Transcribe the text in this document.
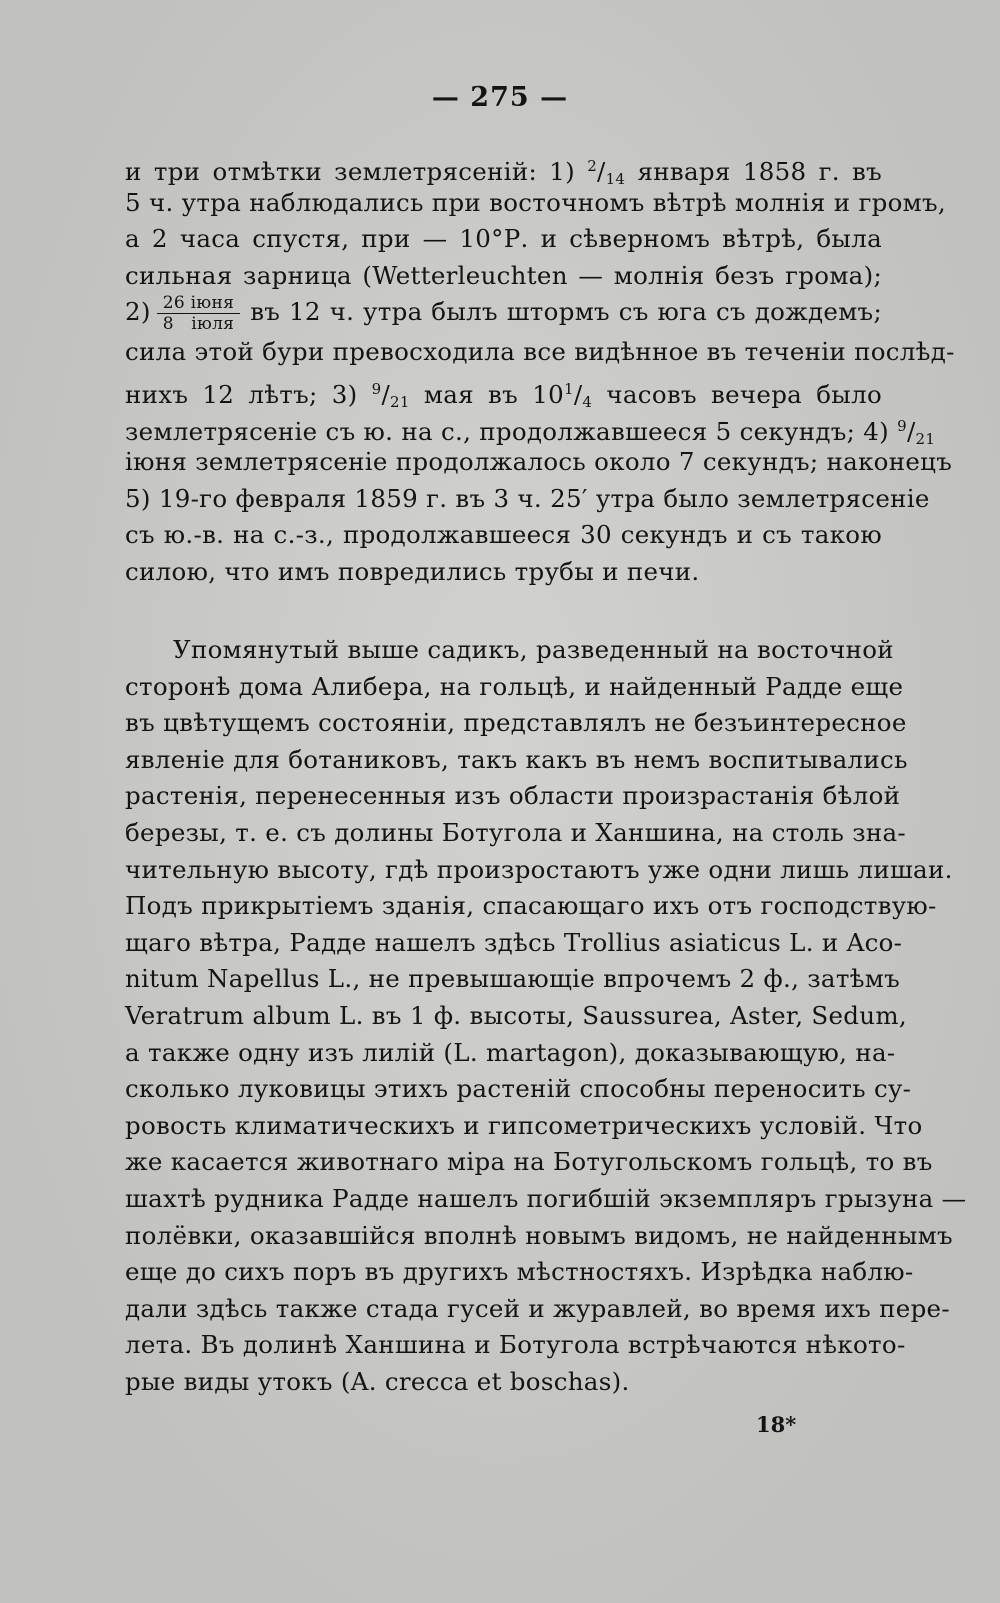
— 275 —
и три отмѣтки землетрясеній: 1) $^2/_{14}$ января 1858 г. въ
5 ч. утра наблюдались при восточномъ вѣтрѣ молнія и громъ,
а 2 часа спустя, при — 10°Р. и сѣверномъ вѣтрѣ, была
сильная зарница (Wetterleuchten — молнія безъ грома);
$2) \frac{\text{26 іюня}}{\text{8 іюля}}$ въ 12 ч. утра былъ штормъ съ юга съ дождемъ;
сила этой бури превосходила все видѣнное въ теченіи послѣд-
нихъ 12 лѣтъ; 3) $^9/_{21}$ мая въ $10^1/_4$ часовъ вечера было
землетрясеніе съ ю. на с., продолжавшееся 5 секундъ; 4) $^9/_{21}$
іюня землетрясеніе продолжалось около 7 секундъ; наконецъ
5) 19-го февраля 1859 г. въ 3 ч. 25′ утра было землетрясеніе
съ ю.-в. на с.-з., продолжавшееся 30 секундъ и съ такою
силою, что имъ повредились трубы и печи.
Упомянутый выше садикъ, разведенный на восточной
сторонѣ дома Алибера, на гольцѣ, и найденный Радде еще
въ цвѣтущемъ состояніи, представлялъ не безъинтересное
явленіе для ботаниковъ, такъ какъ въ немъ воспитывались
растенія, перенесенныя изъ области произрастанія бѣлой
березы, т. е. съ долины Ботугола и Ханшина, на столь зна-
чительную высоту, гдѣ произростаютъ уже одни лишь лишаи.
Подъ прикрытіемъ зданія, спасающаго ихъ отъ господствую-
щаго вѣтра, Радде нашелъ здѣсь Trollius asiaticus L. и Aco-
nitum Napellus L., не превышающіе впрочемъ 2 ф., затѣмъ
Veratrum album L. въ 1 ф. высоты, Saussurea, Aster, Sedum,
а также одну изъ лилій (L. martagon), доказывающую, на-
сколько луковицы этихъ растеній способны переносить су-
ровость климатическихъ и гипсометрическихъ условій. Что
же касается животнаго міра на Ботугольскомъ гольцѣ, то въ
шахтѣ рудника Радде нашелъ погибшій экземпляръ грызуна —
полёвки, оказавшійся вполнѣ новымъ видомъ, не найденнымъ
еще до сихъ поръ въ другихъ мѣстностяхъ. Изрѣдка наблю-
дали здѣсь также стада гусей и журавлей, во время ихъ пере-
лета. Въ долинѣ Ханшина и Ботугола встрѣчаются нѣкото-
рые виды утокъ (A. crecca et boschas).
18*
